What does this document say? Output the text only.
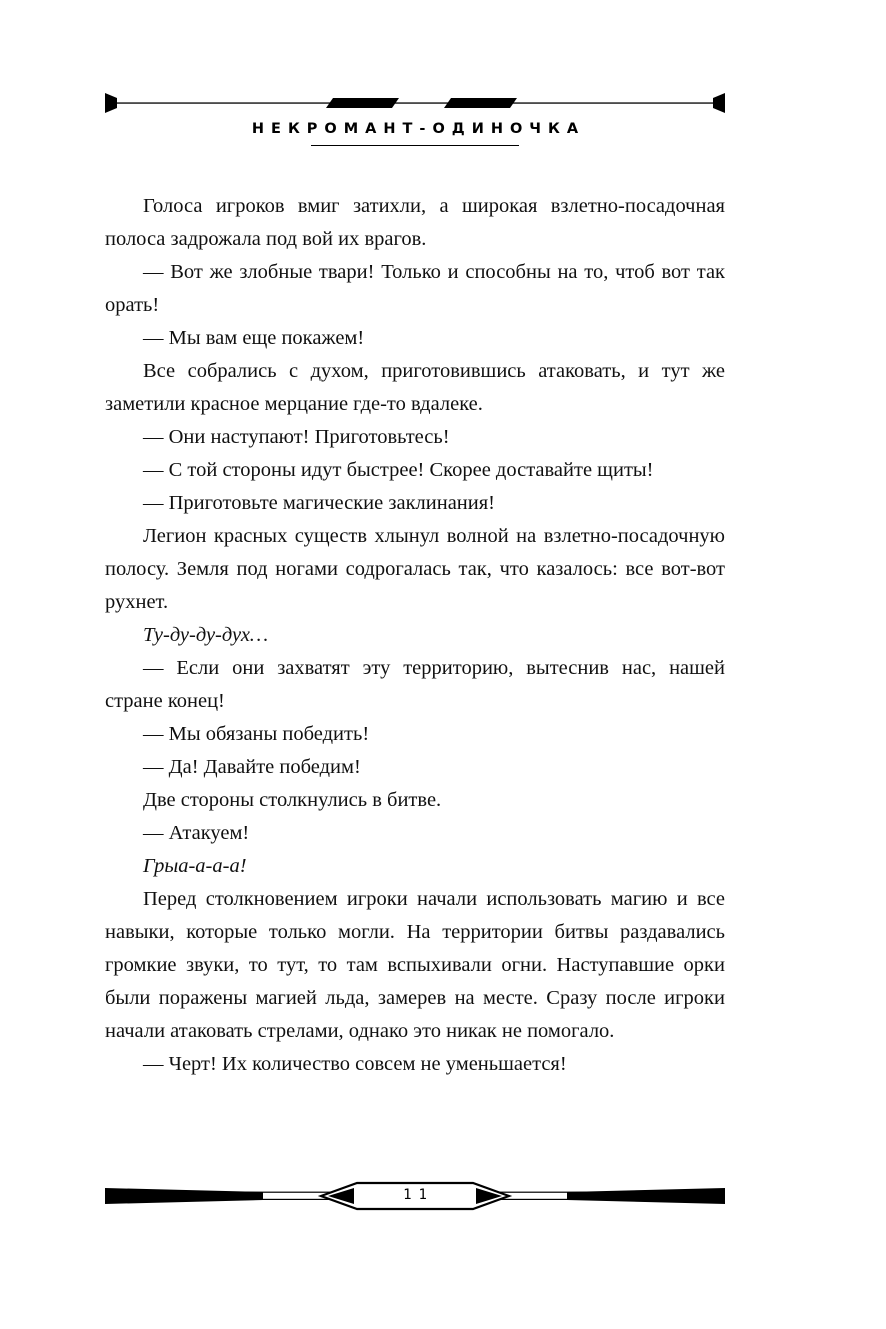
НЕКРОМАНТ-ОДИНОЧКА

Голоса игроков вмиг затихли, а широкая взлетно-посадочная полоса задрожала под вой их врагов.

— Вот же злобные твари! Только и способны на то, чтоб вот так орать!

— Мы вам еще покажем!

Все собрались с духом, приготовившись атаковать, и тут же заметили красное мерцание где-то вдалеке.

— Они наступают! Приготовьтесь!

— С той стороны идут быстрее! Скорее доставайте щиты!

— Приготовьте магические заклинания!

Легион красных существ хлынул волной на взлетно-посадочную полосу. Земля под ногами содрогалась так, что казалось: все вот-вот рухнет.

Ту-ду-ду-дух…

— Если они захватят эту территорию, вытеснив нас, нашей стране конец!

— Мы обязаны победить!

— Да! Давайте победим!

Две стороны столкнулись в битве.

— Атакуем!

Грыа-а-а-а!

Перед столкновением игроки начали использовать магию и все навыки, которые только могли. На территории битвы раздавались громкие звуки, то тут, то там вспыхивали огни. Наступавшие орки были поражены магией льда, замерев на месте. Сразу после игроки начали атаковать стрелами, однако это никак не помогало.

— Черт! Их количество совсем не уменьшается!

11
